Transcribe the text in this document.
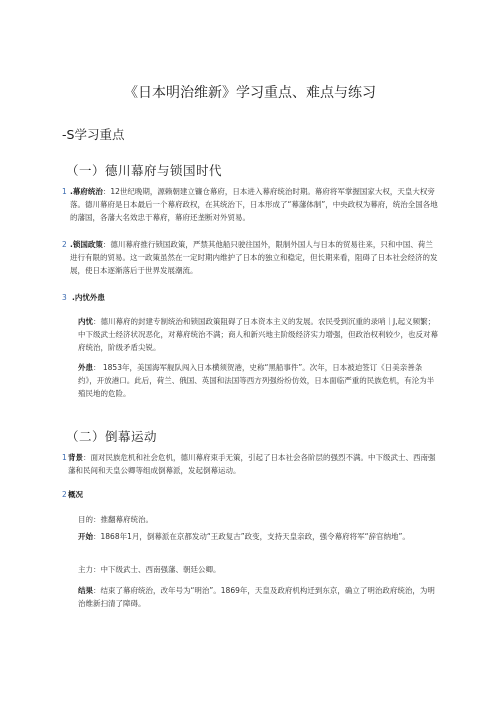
《日本明治维新》学习重点、难点与练习
-S学习重点
（一）德川幕府与锁国时代
1 .幕府统治：12世纪晚期，源赖朝建立镰仓幕府，日本进入幕府统治时期。幕府将军掌握国家大权，天皇大权旁落。德川幕府是日本最后一个幕府政权，在其统治下，日本形成了“幕藩体制”，中央政权为幕府，统治全国各地的藩国，各藩大名效忠于幕府，幕府还垄断对外贸易。
2 .锁国政策：德川幕府推行锁国政策，严禁其他船只驶往国外，限制外国人与日本的贸易往来，只和中国、荷兰进行有限的贸易。这一政策虽然在一定时期内维护了日本的独立和稳定，但长期来看，阻碍了日本社会经济的发展，使日本逐渐落后于世界发展潮流。
3 .内忧外患
内忧：德川幕府的封建专制统治和锁国政策阻碍了日本资本主义的发展。农民受到沉重的录哨｜J,起义频繁；中下级武士经济状况恶化，对幕府统治不满；商人和新兴地主阶级经济实力增强，但政治权利较少，也反对幕府统治，阶级矛盾尖锐。
外患： 1853年，美国海军舰队闯入日本横须贺港，史称“黑船事件”。次年，日本被迫签订《日美亲善条约》，开放港口。此后，荷兰、俄国、英国和法国等西方列强纷纷仿效，日本面临严重的民族危机，有沦为半殖民地的危险。
（二）倒幕运动
1 背景：面对民族危机和社会危机，德川幕府束手无策，引起了日本社会各阶层的强烈不满。中下级武士、西南强藩和民间和天皇公卿等组成倒幕派，发起倒幕运动。
2 概况
目的：推翻幕府统治。
开始：1868年1月，倒幕派在京都发动“王政复古”政变，支持天皇亲政，强令幕府将军“辞官纳地”。
主力：中下级武士、西南强藩、朝廷公卿。
结果：结束了幕府统治，改年号为“明治”。1869年，天皇及政府机构迁到东京，确立了明治政府统治，为明治维新扫清了障碍。
